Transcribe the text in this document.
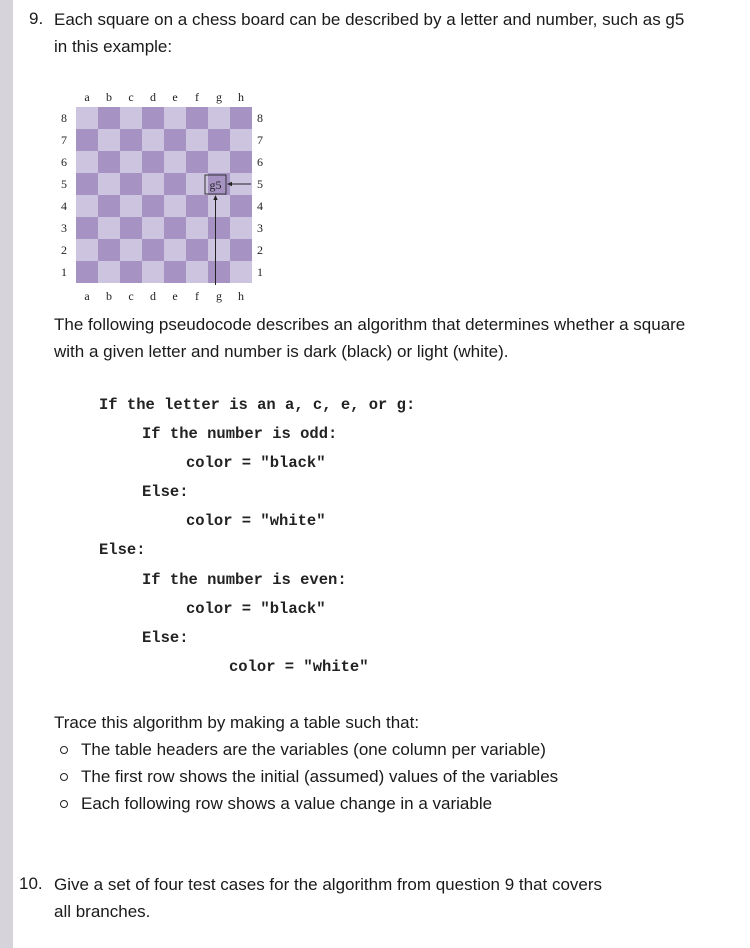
9. Each square on a chess board can be described by a letter and number, such as g5
in this example:
a b c d e f g h
8
7
6
5
4
3
2
1
8
7
6
5
4
3
2
1
a b c d e f g h
g5
The following pseudocode describes an algorithm that determines whether a square
with a given letter and number is dark (black) or light (white).
If the letter is an a, c, e, or g:
If the number is odd:
color = "black"
Else:
color = "white"
Else:
If the number is even:
color = "black"
Else:
color = "white"
Trace this algorithm by making a table such that:
The table headers are the variables (one column per variable)
The first row shows the initial (assumed) values of the variables
Each following row shows a value change in a variable
10. Give a set of four test cases for the algorithm from question 9 that covers
all branches.
